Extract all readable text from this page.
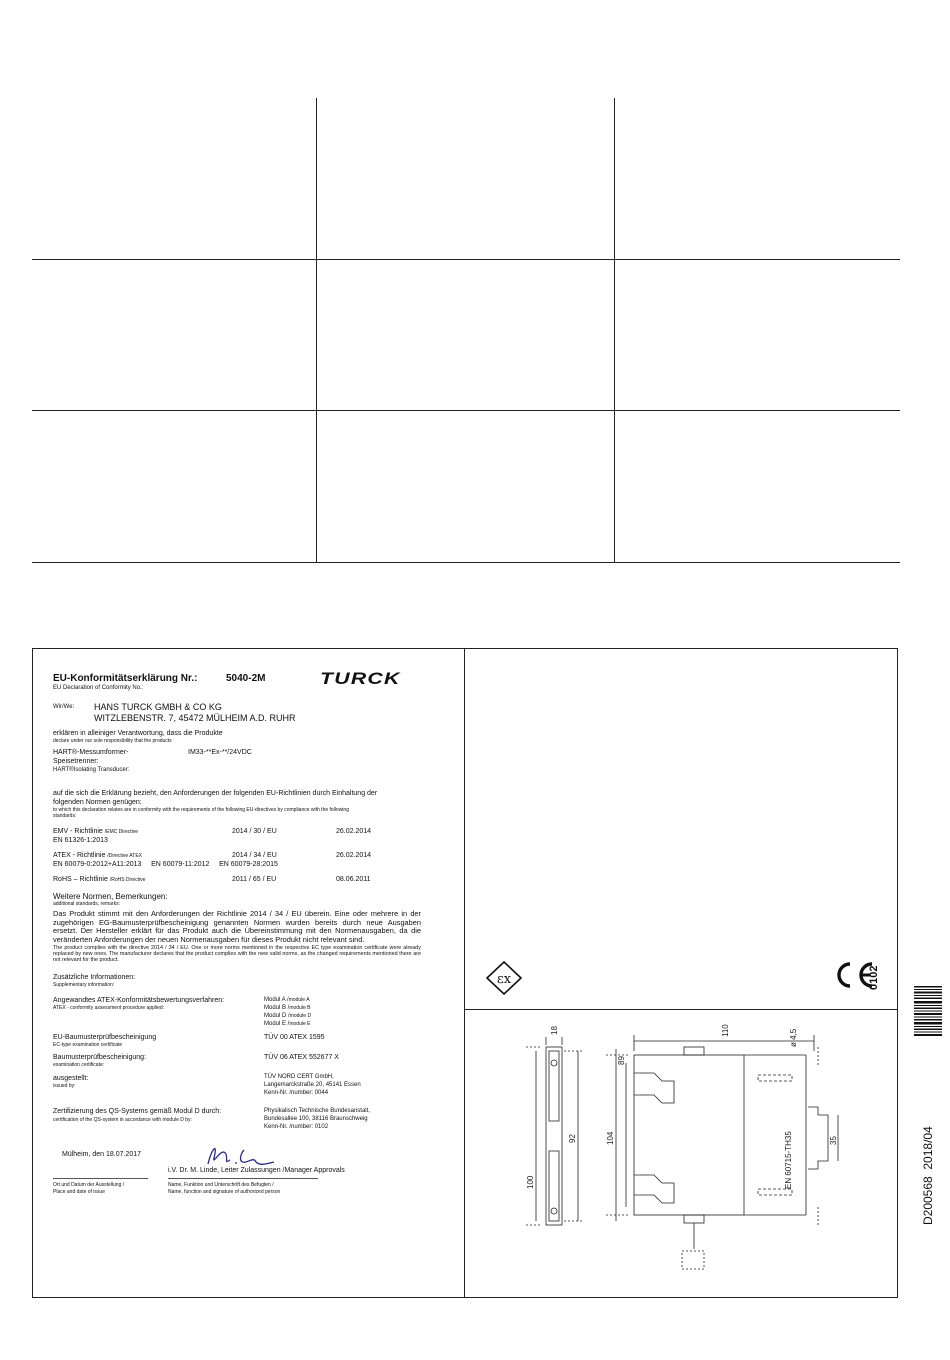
EU-Konformitätserklärung Nr.:	5040-2M
EU Declaration of Conformity No.:	TURCK
Wir/We: HANS TURCK GMBH & CO KG
WITZLEBENSTR. 7, 45472 MÜLHEIM A.D. RUHR
erklären in alleiniger Verantwortung, dass die Produkte
declare under our sole responsibility that the products
HART®-Messumformer-
Speisetrenner:
HART®Isolating Transducer:
IM33-**Ex-**/24VDC
auf die sich die Erklärung bezieht, den Anforderungen der folgenden EU-Richtlinien durch Einhaltung der
folgenden Normen genügen:
to which this declaration relates are in conformity with the requirements of the following EU-directives by compliance with the following
standards:
EMV - Richtlinie /EMC Directive	2014 / 30 / EU	26.02.2014
EN 61326-1:2013
ATEX - Richtlinie /Directive ATEX	2014 / 34 / EU	26.02.2014
EN 60079-0:2012+A11:2013     EN 60079-11:2012     EN 60079-28:2015
RoHS – Richtlinie /RoHS Directive	2011 / 65 / EU	08.06.2011
Weitere Normen, Bemerkungen:
additional standards, remarks:
Das Produkt stimmt mit den Anforderungen der Richtlinie 2014 / 34 / EU überein. Eine oder mehrere in der zugehörigen EG-Baumusterprüfbescheinigung genannten Normen wurden bereits durch neue Ausgaben ersetzt. Der Hersteller erklärt für das Produkt auch die Übereinstimmung mit den Normenausgaben, da die veränderten Anforderungen der neuen Normenausgaben für dieses Produkt nicht relevant sind.
The product complies with the directive 2014 / 34 / EU. One or more norms mentioned in the respective EC type examination certificate were already replaced by new ones. The manufacturer declares that the product complies with the new valid norms, as the changed requirements mentioned there are not relevant for the product.
Zusätzliche Informationen:
Supplementary information:
Angewandtes ATEX-Konformitätsbewertungsverfahren:
ATEX - conformity assessment procedure applied:
Modul A /module A
Modul B /module B
Modul D /module D
Modul E /module E
EU-Baumusterprüfbescheinigung
EC-type examination certificate
TÜV 00 ATEX 1595
Baumusterprüfbescheinigung:
examination certificate:
TÜV 06 ATEX 552677 X
ausgestellt:
issued by:
TÜV NORD CERT GmbH,
Langemarckstraße 20, 45141 Essen
Kenn-Nr. /number: 0044
Zertifizierung des QS-Systems gemäß Modul D durch:
certification of the QS-system in accordance with module D by:
Physikalisch Technische Bundesanstalt,
Bundesallee 100, 38116 Braunschweig
Kenn-Nr. /number: 0102
Mülheim, den 18.07.2017
i.V. Dr. M. Linde, Leiter Zulassungen /Manager Approvals
Ort und Datum der Ausstellung /
Place and date of issue
Name, Funktion und Unterschrift des Befugten /
Name, function and signature of authorized person
εx	0102
18	110	ø 4,5
92
100
104
89
35
EN 60715-TH35	D200568  2018/04
